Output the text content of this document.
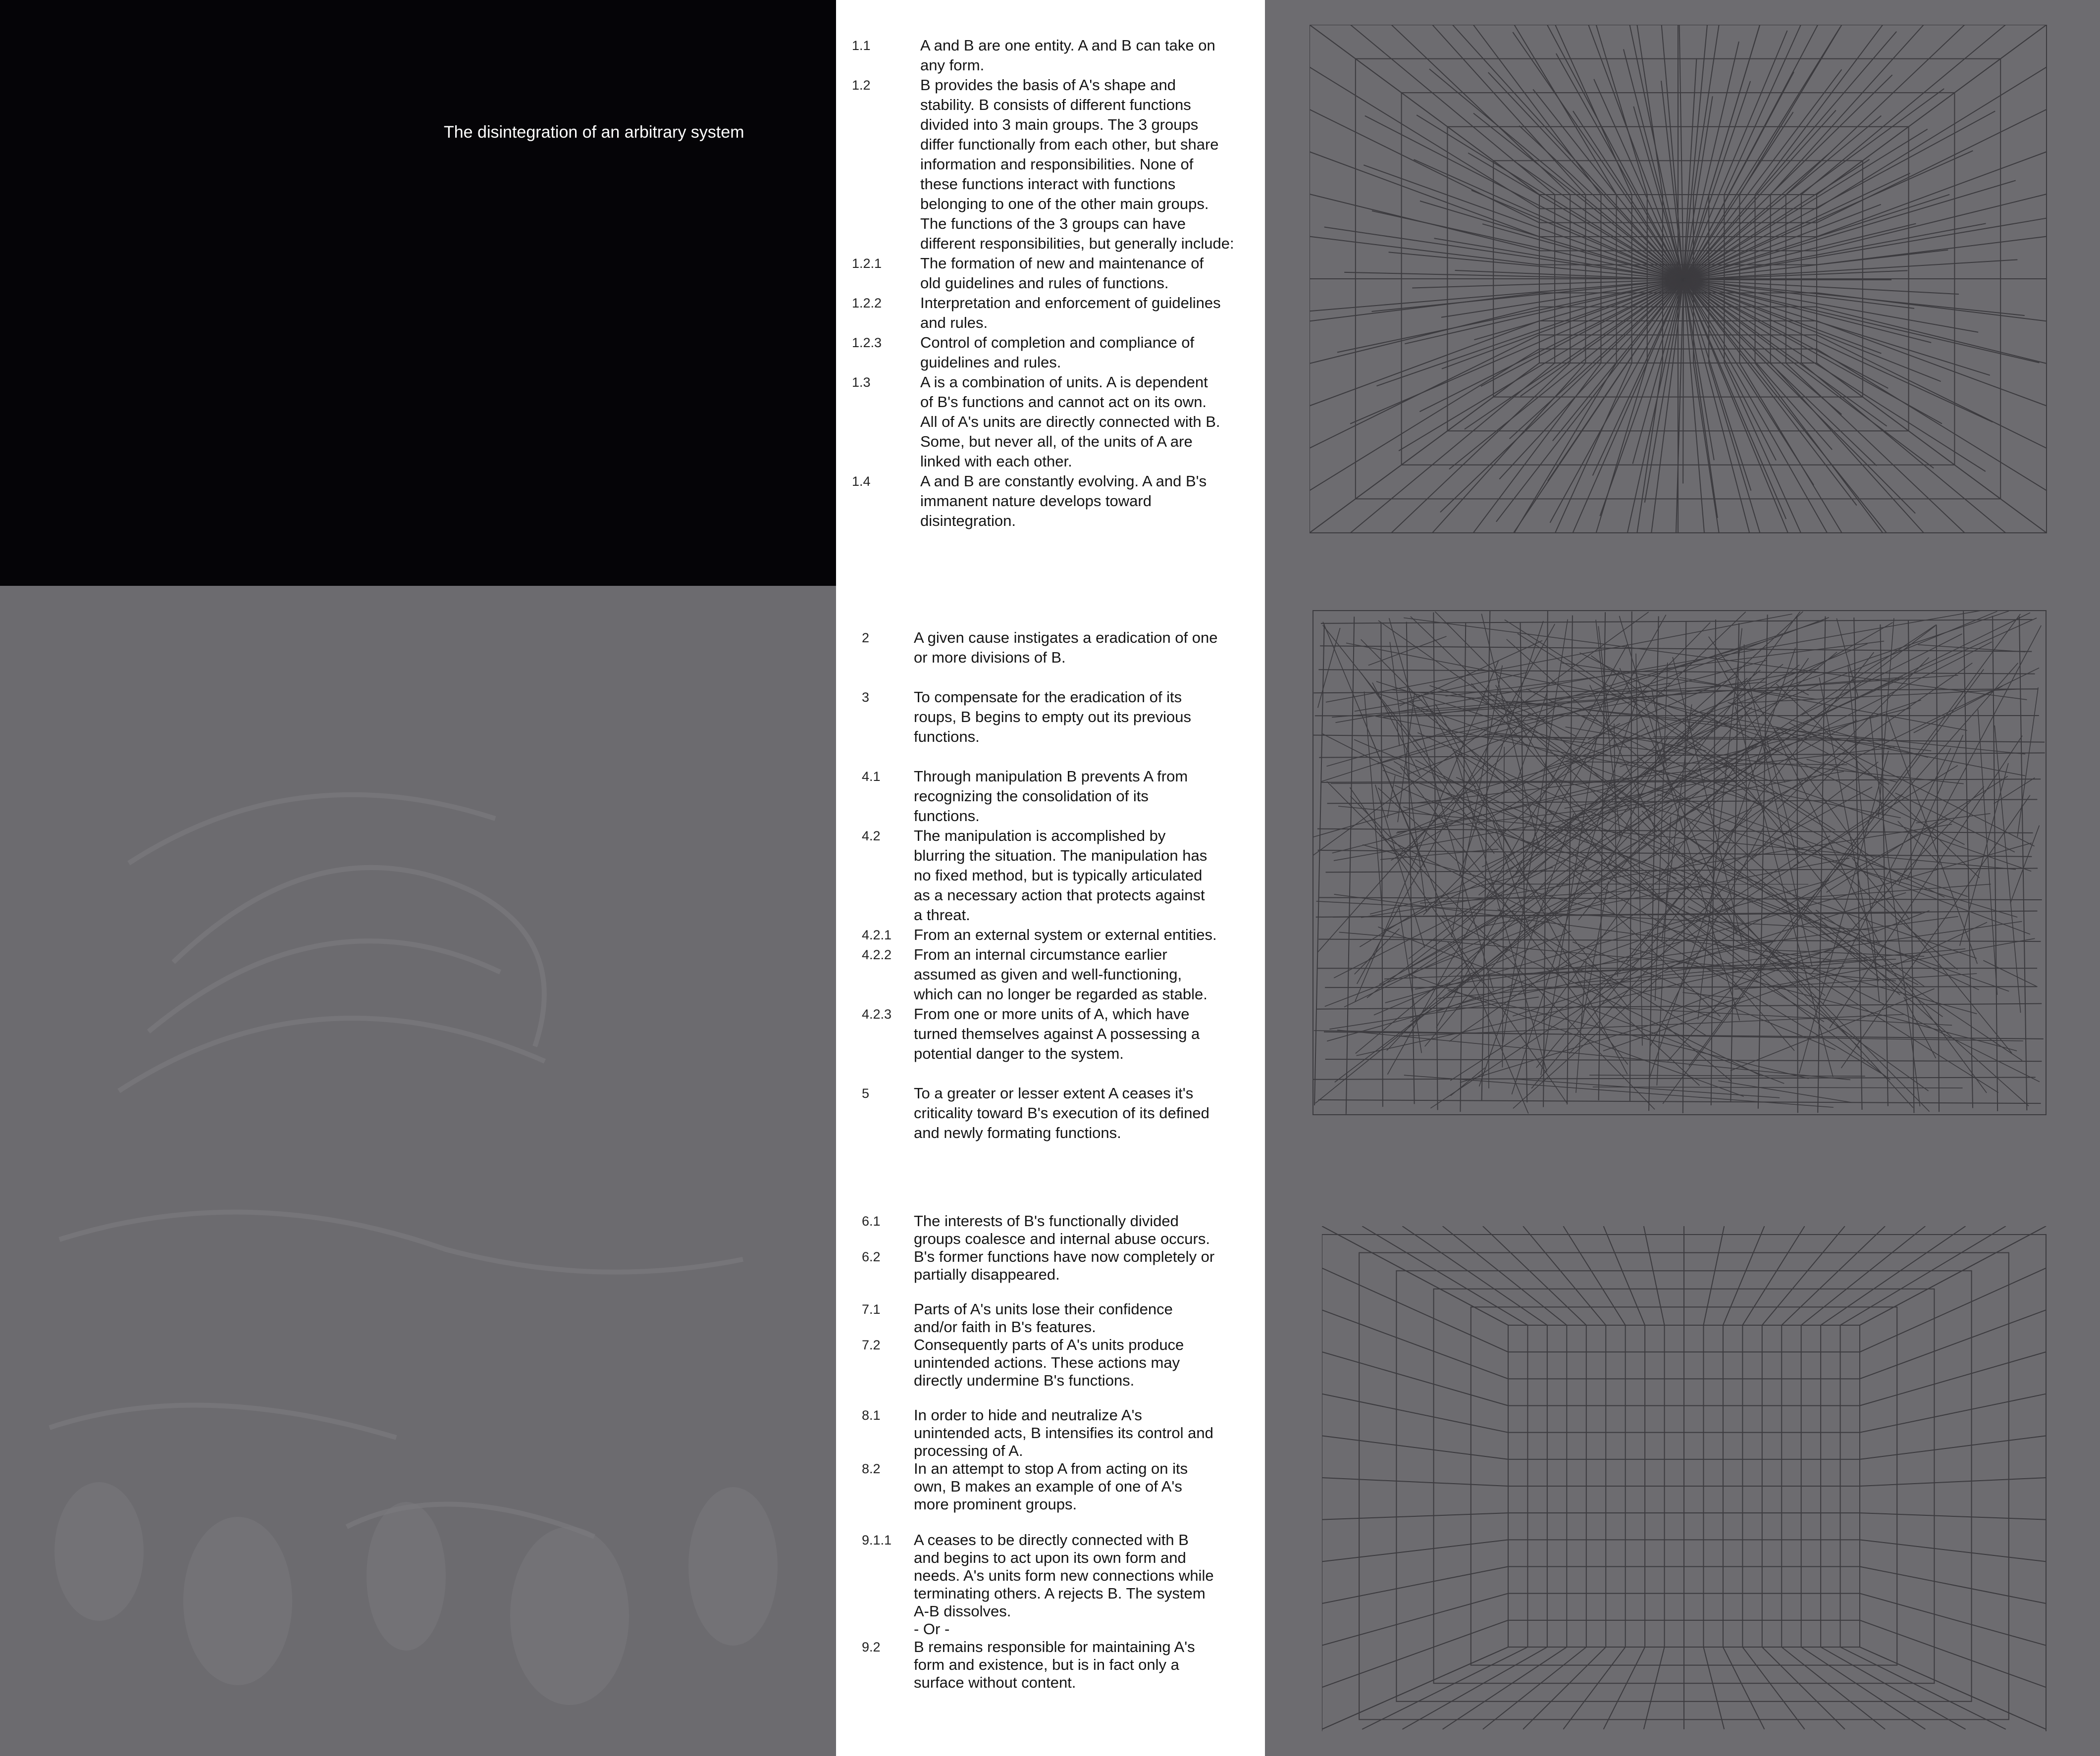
The disintegration of an arbitrary system
1.1	A and B are one entity. A and B can take on
any form.
1.2	B provides the basis of A's shape and
stability. B consists of different functions
divided into 3 main groups. The 3 groups
differ functionally from each other, but share
information and responsibilities. None of
these functions interact with functions
belonging to one of the other main groups.
The functions of the 3 groups can have
different responsibilities, but generally include:
1.2.1	The formation of new and maintenance of
old guidelines and rules of functions.
1.2.2	Interpretation and enforcement of guidelines
and rules.
1.2.3	Control of completion and compliance of
guidelines and rules.
1.3	A is a combination of units. A is dependent
of B's functions and cannot act on its own.
All of A's units are directly connected with B.
Some, but never all, of the units of A are
linked with each other.
1.4	A and B are constantly evolving. A and B's
immanent nature develops toward
disintegration.
2	A given cause instigates a eradication of one
or more divisions of B.
3	To compensate for the eradication of its
roups, B begins to empty out its previous
functions.
4.1	Through manipulation B prevents A from
recognizing the consolidation of its
functions.
4.2	The manipulation is accomplished by
blurring the situation. The manipulation has
no fixed method, but is typically articulated
as a necessary action that protects against
a threat.
4.2.1	From an external system or external entities.
4.2.2	From an internal circumstance earlier
assumed as given and well-functioning,
which can no longer be regarded as stable.
4.2.3	From one or more units of A, which have
turned themselves against A possessing a
potential danger to the system.
5	To a greater or lesser extent A ceases it's
criticality toward B's execution of its defined
and newly formating functions.
6.1	The interests of B's functionally divided
groups coalesce and internal abuse occurs.
6.2	B's former functions have now completely or
partially disappeared.
7.1	Parts of A's units lose their confidence
and/or faith in B's features.
7.2	Consequently parts of A's units produce
unintended actions. These actions may
directly undermine B's functions.
8.1	In order to hide and neutralize A's
unintended acts, B intensifies its control and
processing of A.
8.2	In an attempt to stop A from acting on its
own, B makes an example of one of A's
more prominent groups.
9.1.1	A ceases to be directly connected with B
and begins to act upon its own form and
needs. A's units form new connections while
terminating others. A rejects B. The system
A-B dissolves.
- Or -
9.2	B remains responsible for maintaining A's
form and existence, but is in fact only a
surface without content.
